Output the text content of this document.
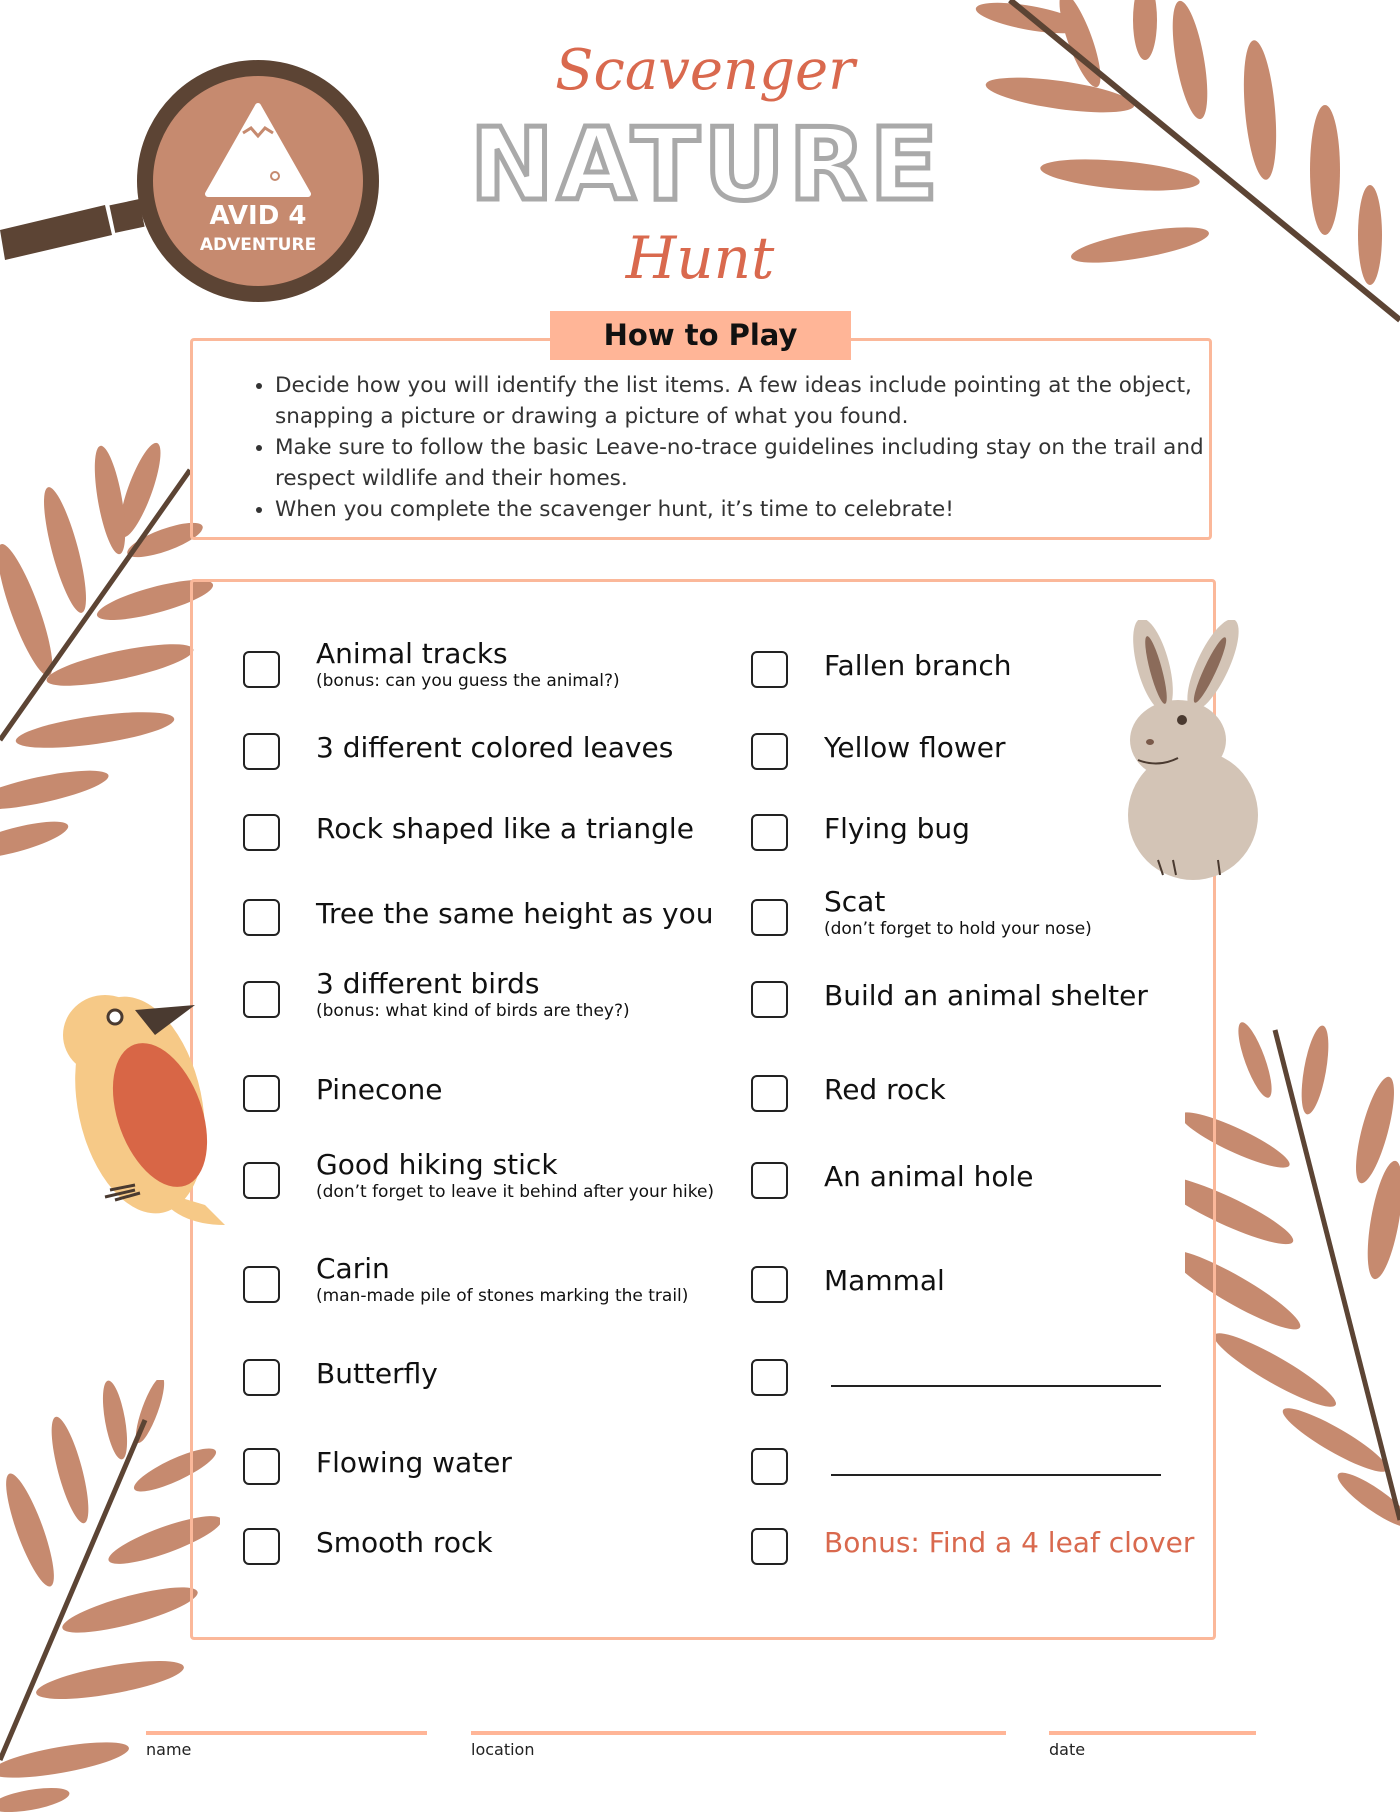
AVID 4
ADVENTURE
Scavenger
NATURE
Hunt
How to Play
• Decide how you will identify the list items. A few ideas include pointing at the object, snapping a picture or drawing a picture of what you found.
• Make sure to follow the basic Leave-no-trace guidelines including stay on the trail and respect wildlife and their homes.
• When you complete the scavenger hunt, it’s time to celebrate!
Animal tracks
(bonus: can you guess the animal?)
3 different colored leaves
Rock shaped like a triangle
Tree the same height as you
3 different birds
(bonus: what kind of birds are they?)
Pinecone
Good hiking stick
(don’t forget to leave it behind after your hike)
Carin
(man-made pile of stones marking the trail)
Butterfly
Flowing water
Smooth rock
Fallen branch
Yellow flower
Flying bug
Scat
(don’t forget to hold your nose)
Build an animal shelter
Red rock
An animal hole
Mammal
Bonus: Find a 4 leaf clover
name	location	date
